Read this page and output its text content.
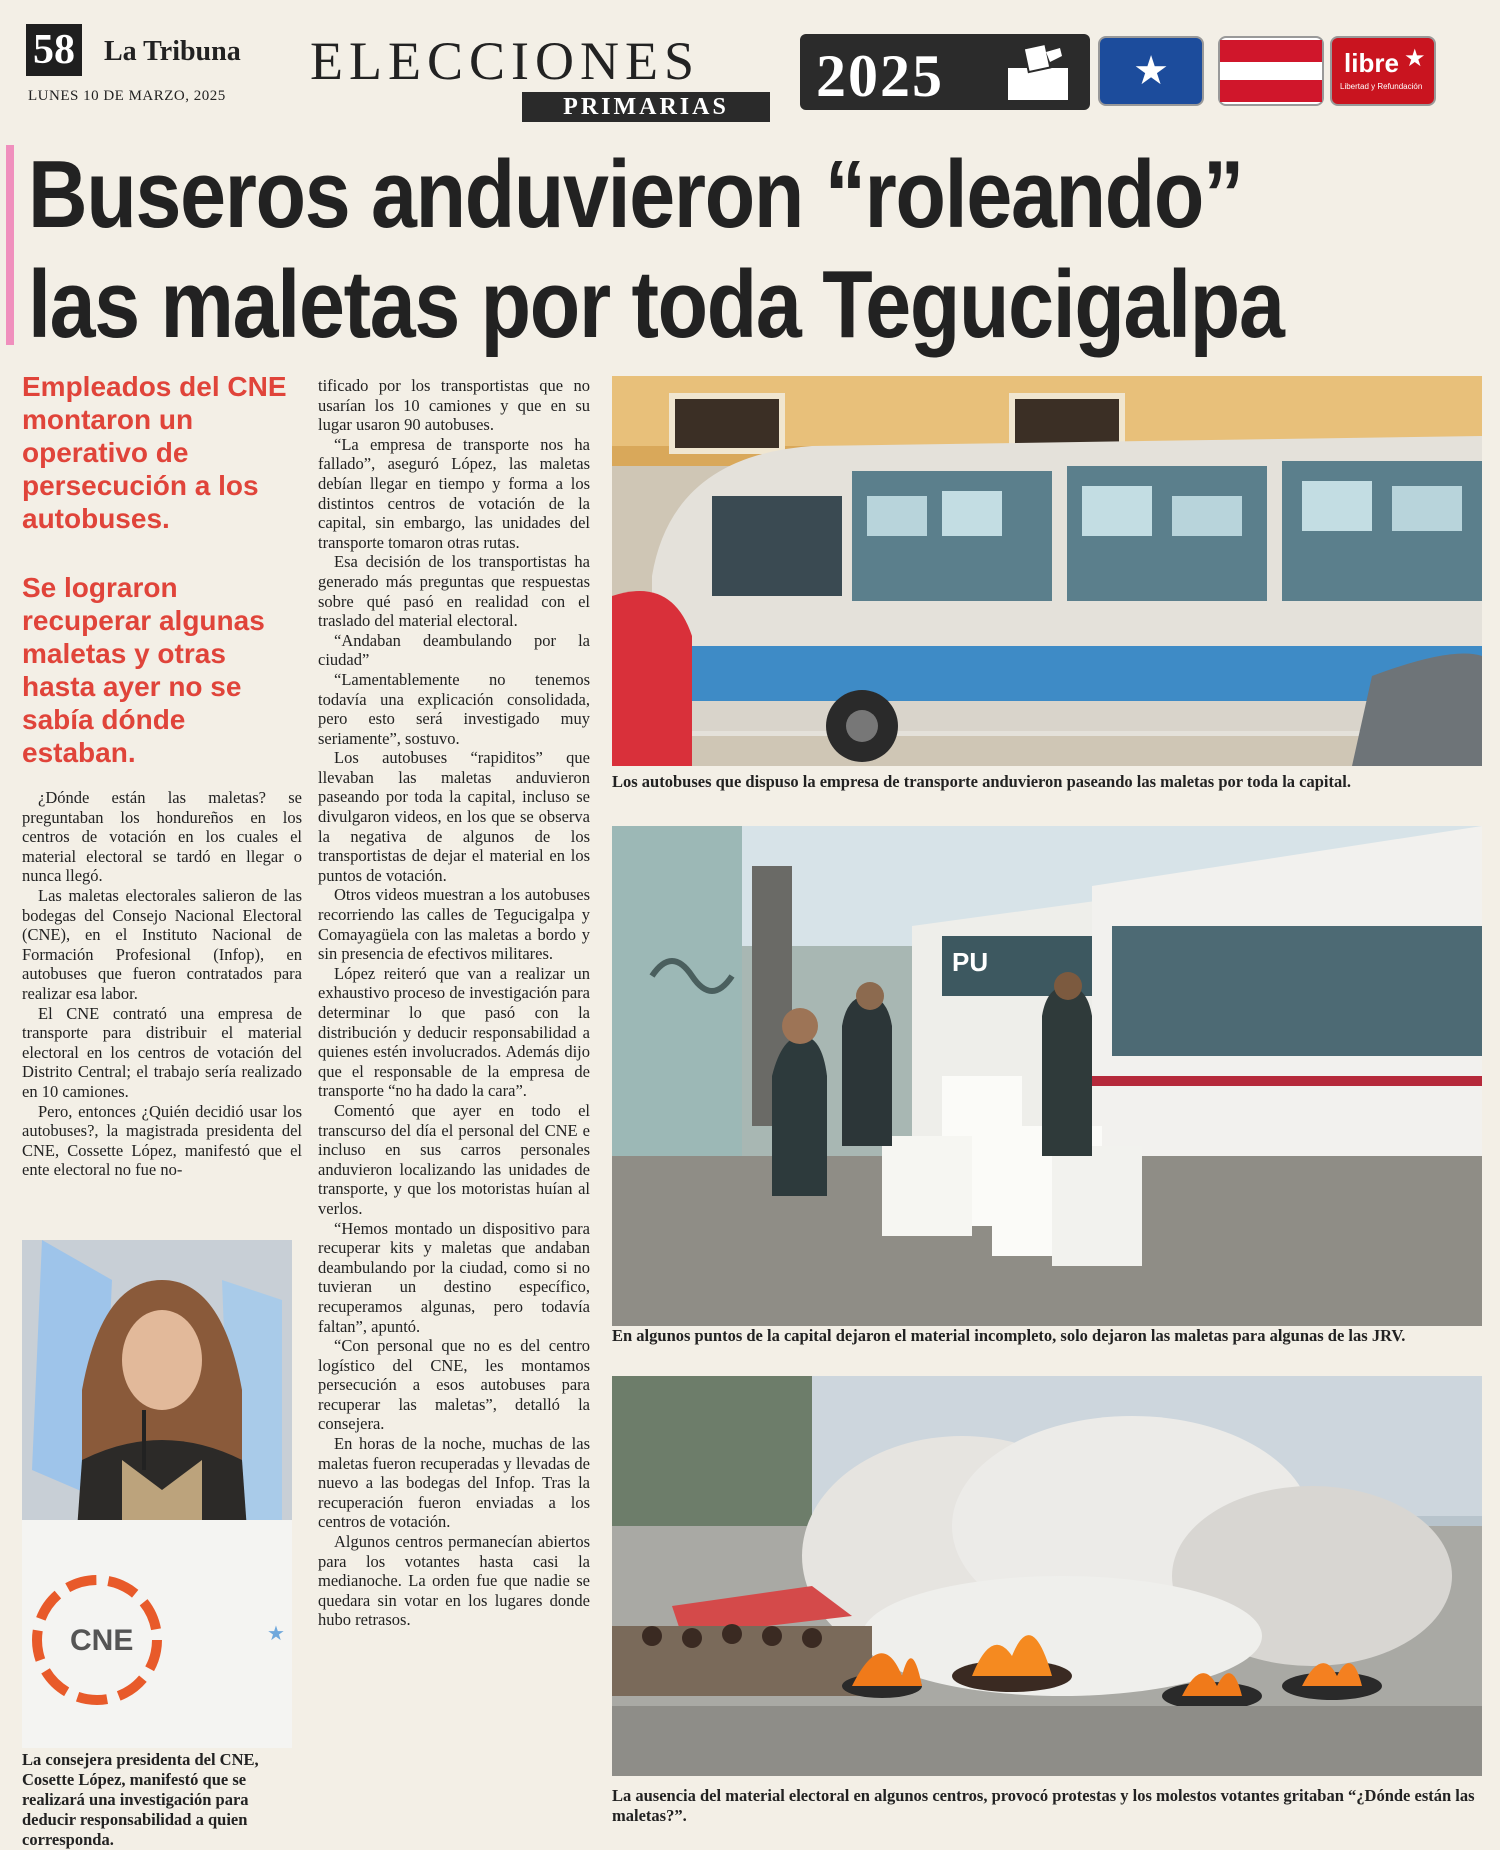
58 La Tribuna
LUNES 10 DE MARZO, 2025
ELECCIONES
PRIMARIAS	2025	★	libre ★
Libertad y Refundación
Buseros anduvieron “roleando”
las maletas por toda Tegucigalpa

Empleados del CNE montaron un operativo de persecución a los autobuses.

Se lograron recuperar algunas maletas y otras hasta ayer no se sabía dónde estaban.

¿Dónde están las maletas? se preguntaban los hondureños en los centros de votación en los cuales el material electoral se tardó en llegar o nunca llegó.

Las maletas electorales salieron de las bodegas del Consejo Nacional Electoral (CNE), en el Instituto Nacional de Formación Profesional (Infop), en autobuses que fueron contratados para realizar esa labor.

El CNE contrató una empresa de transporte para distribuir el material electoral en los centros de votación del Distrito Central; el trabajo sería realizado en 10 camiones.

Pero, entonces ¿Quién decidió usar los autobuses?, la magistrada presidenta del CNE, Cossette López, manifestó que el ente electoral no fue no-

tificado por los transportistas que no usarían los 10 camiones y que en su lugar usaron 90 autobuses.

“La empresa de transporte nos ha fallado”, aseguró López, las maletas debían llegar en tiempo y forma a los distintos centros de votación de la capital, sin embargo, las unidades del transporte tomaron otras rutas.

Esa decisión de los transportistas ha generado más preguntas que respuestas sobre qué pasó en realidad con el traslado del material electoral.

“Andaban deambulando por la ciudad”

“Lamentablemente no tenemos todavía una explicación consolidada, pero esto será investigado muy seriamente”, sostuvo.

Los autobuses “rapiditos” que llevaban las maletas anduvieron paseando por toda la capital, incluso se divulgaron videos, en los que se observa la negativa de algunos de los transportistas de dejar el material en los puntos de votación.

Otros videos muestran a los autobuses recorriendo las calles de Tegucigalpa y Comayagüela con las maletas a bordo y sin presencia de efectivos militares.

López reiteró que van a realizar un exhaustivo proceso de investigación para determinar lo que pasó con la distribución y deducir responsabilidad a quienes estén involucrados. Además dijo que el responsable de la empresa de transporte “no ha dado la cara”.

Comentó que ayer en todo el transcurso del día el personal del CNE e incluso en sus carros personales anduvieron localizando las unidades de transporte, y que los motoristas huían al verlos.

“Hemos montado un dispositivo para recuperar kits y maletas que andaban deambulando por la ciudad, como si no tuvieran un destino específico, recuperamos algunas, pero todavía faltan”, apuntó.

“Con personal que no es del centro logístico del CNE, les montamos persecución a esos autobuses para recuperar las maletas”, detalló la consejera.

En horas de la noche, muchas de las maletas fueron recuperadas y llevadas de nuevo a las bodegas del Infop. Tras la recuperación fueron enviadas a los centros de votación.

Algunos centros permanecían abiertos para los votantes hasta casi la medianoche. La orden fue que nadie se quedara sin votar en los lugares donde hubo retrasos.

Los autobuses que dispuso la empresa de transporte anduvieron paseando las maletas por toda la capital.
PU
En algunos puntos de la capital dejaron el material incompleto, solo dejaron las maletas para algunas de las JRV.
La ausencia del material electoral en algunos centros, provocó protestas y los molestos votantes gritaban “¿Dónde están las maletas?”.
CNE	★
La consejera presidenta del CNE, Cosette López, manifestó que se realizará una investigación para deducir responsabilidad a quien corresponda.
